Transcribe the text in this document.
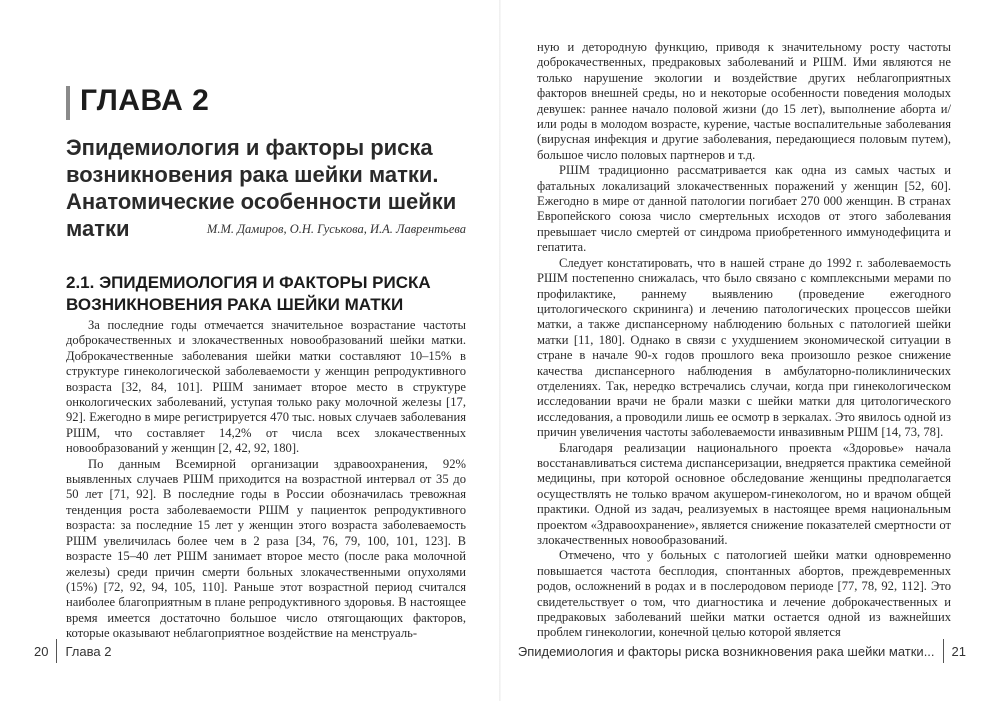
ГЛАВА 2
Эпидемиология и факторы риска возникновения рака шейки матки. Анатомические особенности шейки матки	М.М. Дамиров, О.Н. Гуськова, И.А. Лаврентьева
2.1. ЭПИДЕМИОЛОГИЯ И ФАКТОРЫ РИСКА ВОЗНИКНОВЕНИЯ РАКА ШЕЙКИ МАТКИ

За последние годы отмечается значительное возрастание частоты доброкачественных и злокачественных новообразований шейки матки. Доброкачественные заболевания шейки матки составляют 10–15% в структуре гинекологической заболеваемости у женщин репродуктивного возраста [32, 84, 101]. РШМ занимает второе место в структуре онкологических заболеваний, уступая только раку молочной железы [17, 92]. Ежегодно в мире регистрируется 470 тыс. новых случаев заболевания РШМ, что составляет 14,2% от числа всех злокачественных новообразований у женщин [2, 42, 92, 180].

По данным Всемирной организации здравоохранения, 92% выявленных случаев РШМ приходится на возрастной интервал от 35 до 50 лет [71, 92]. В последние годы в России обозначилась тревожная тенденция роста заболеваемости РШМ у пациенток репродуктивного возраста: за последние 15 лет у женщин этого возраста заболеваемость РШМ увеличилась более чем в 2 раза [34, 76, 79, 100, 101, 123]. В возрасте 15–40 лет РШМ занимает второе место (после рака молочной железы) среди причин смерти больных злокачественными опухолями (15%) [72, 92, 94, 105, 110]. Раньше этот возрастной период считался наиболее благоприятным в плане репродуктивного здоровья. В настоящее время имеется достаточно большое число отягощающих факторов, которые оказывают неблагоприятное воздействие на менструаль-

20 Глава 2

ную и детородную функцию, приводя к значительному росту частоты доброкачественных, предраковых заболеваний и РШМ. Ими являются не только нарушение экологии и воздействие других неблагоприятных факторов внешней среды, но и некоторые особенности поведения молодых девушек: раннее начало половой жизни (до 15 лет), выполнение аборта и/или роды в молодом возрасте, курение, частые воспалительные заболевания (вирусная инфекция и другие заболевания, передающиеся половым путем), большое число половых партнеров и т.д.

РШМ традиционно рассматривается как одна из самых частых и фатальных локализаций злокачественных поражений у женщин [52, 60]. Ежегодно в мире от данной патологии погибает 270 000 женщин. В странах Европейского союза число смертельных исходов от этого заболевания превышает число смертей от синдрома приобретенного иммунодефицита и гепатита.

Следует констатировать, что в нашей стране до 1992 г. заболеваемость РШМ постепенно снижалась, что было связано с комплексными мерами по профилактике, раннему выявлению (проведение ежегодного цитологического скрининга) и лечению патологических процессов шейки матки, а также диспансерному наблюдению больных с патологией шейки матки [11, 180]. Однако в связи с ухудшением экономической ситуации в стране в начале 90-х годов прошлого века произошло резкое снижение качества диспансерного наблюдения в амбулаторно-поликлинических отделениях. Так, нередко встречались случаи, когда при гинекологическом исследовании врачи не брали мазки с шейки матки для цитологического исследования, а проводили лишь ее осмотр в зеркалах. Это явилось одной из причин увеличения частоты заболеваемости инвазивным РШМ [14, 73, 78].

Благодаря реализации национального проекта «Здоровье» начала восстанавливаться система диспансеризации, внедряется практика семейной медицины, при которой основное обследование женщины предполагается осуществлять не только врачом акушером-гинекологом, но и врачом общей практики. Одной из задач, реализуемых в настоящее время национальным проектом «Здравоохранение», является снижение показателей смертности от злокачественных новообразований.

Отмечено, что у больных с патологией шейки матки одновременно повышается частота бесплодия, спонтанных абортов, преждевременных родов, осложнений в родах и в послеродовом периоде [77, 78, 92, 112]. Это свидетельствует о том, что диагностика и лечение доброкачественных и предраковых заболеваний шейки матки остается одной из важнейших проблем гинекологии, конечной целью которой является

Эпидемиология и факторы риска возникновения рака шейки матки... 21
